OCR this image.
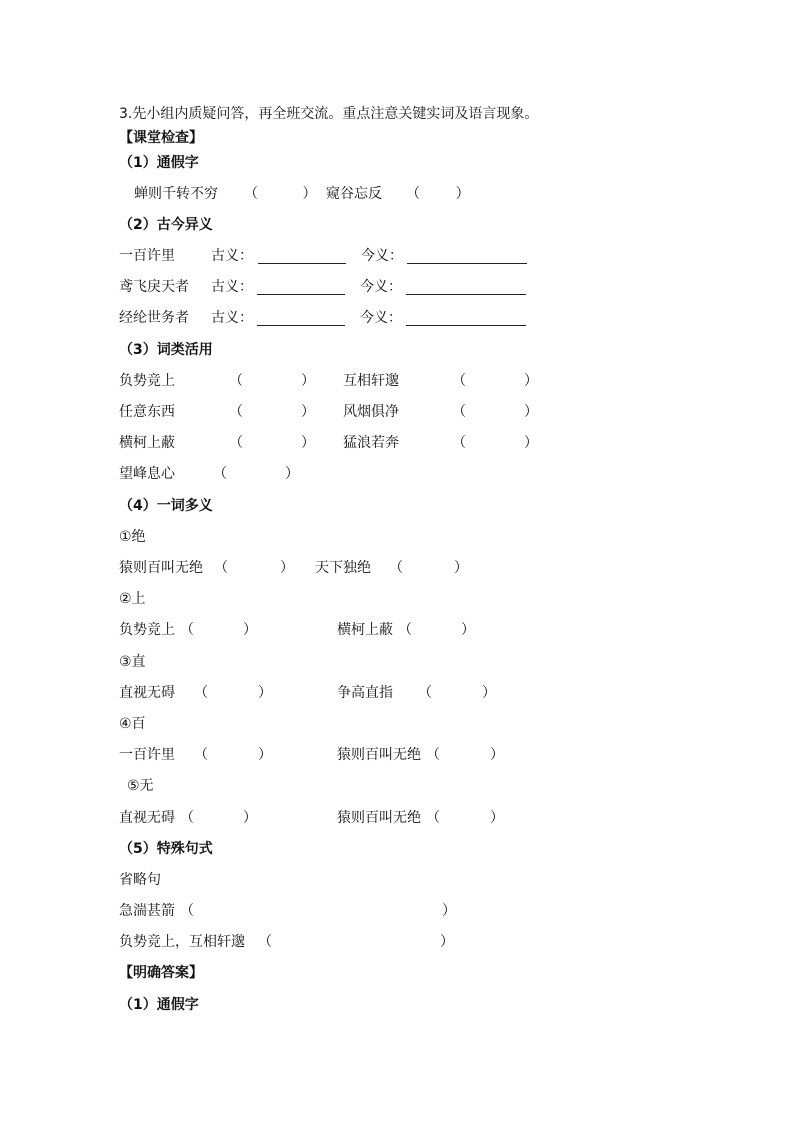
3.先小组内质疑问答，再全班交流。重点注意关键实词及语言现象。
【课堂检查】
（1）通假字
蝉则千转不穷 （          ） 窥谷忘反 （        ）
（2）古今异义
一百许里	古义：	今义：
鸢飞戾天者 古义：	今义：
经纶世务者 古义：	今义：
（3）词类活用
负势竞上	（	） 互相轩邈	（	）
任意东西	（	） 风烟俱净	（	）
横柯上蔽	（	） 猛浪若奔	（	）
望峰息心	（	）
（4）一词多义
①绝
猿则百叫无绝 （	） 天下独绝 （	）
②上
负势竞上 （	）	横柯上蔽 （	）
③直
直视无碍 （	）	争高直指 （	）
④百
一百许里 （	）	猿则百叫无绝 （	）
⑤无
直视无碍 （	）	猿则百叫无绝 （	）
（5）特殊句式
省略句
急湍甚箭 （	）
负势竞上，互相轩邈 （	）
【明确答案】
（1）通假字
